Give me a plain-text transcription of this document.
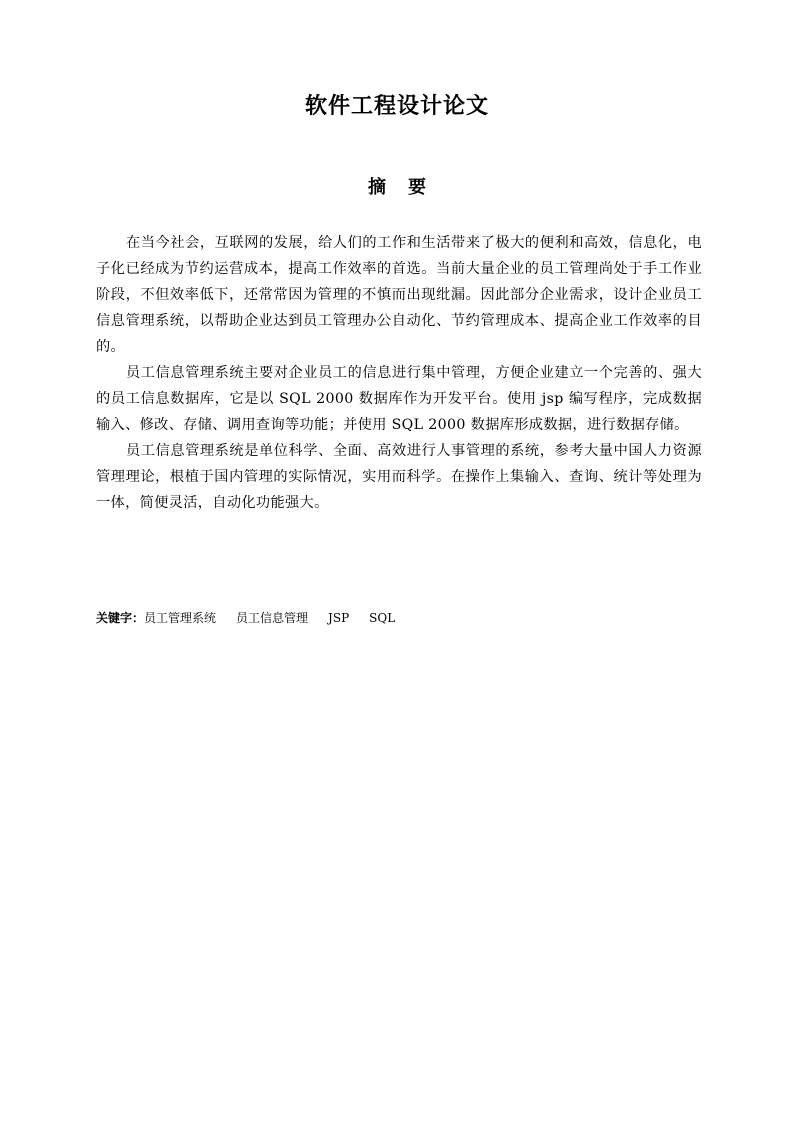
软件工程设计论文
摘 要

在当今社会，互联网的发展，给人们的工作和生活带来了极大的便利和高效，信息化，电子化已经成为节约运营成本，提高工作效率的首选。当前大量企业的员工管理尚处于手工作业阶段，不但效率低下，还常常因为管理的不慎而出现纰漏。因此部分企业需求，设计企业员工信息管理系统，以帮助企业达到员工管理办公自动化、节约管理成本、提高企业工作效率的目的。

员工信息管理系统主要对企业员工的信息进行集中管理，方便企业建立一个完善的、强大的员工信息数据库，它是以 SQL 2000 数据库作为开发平台。使用 jsp 编写程序，完成数据输入、修改、存储、调用查询等功能；并使用 SQL 2000 数据库形成数据，进行数据存储。

员工信息管理系统是单位科学、全面、高效进行人事管理的系统，参考大量中国人力资源管理理论，根植于国内管理的实际情况，实用而科学。在操作上集输入、查询、统计等处理为一体，简便灵活，自动化功能强大。

关键字：员工管理系统 员工信息管理 JSP SQL
